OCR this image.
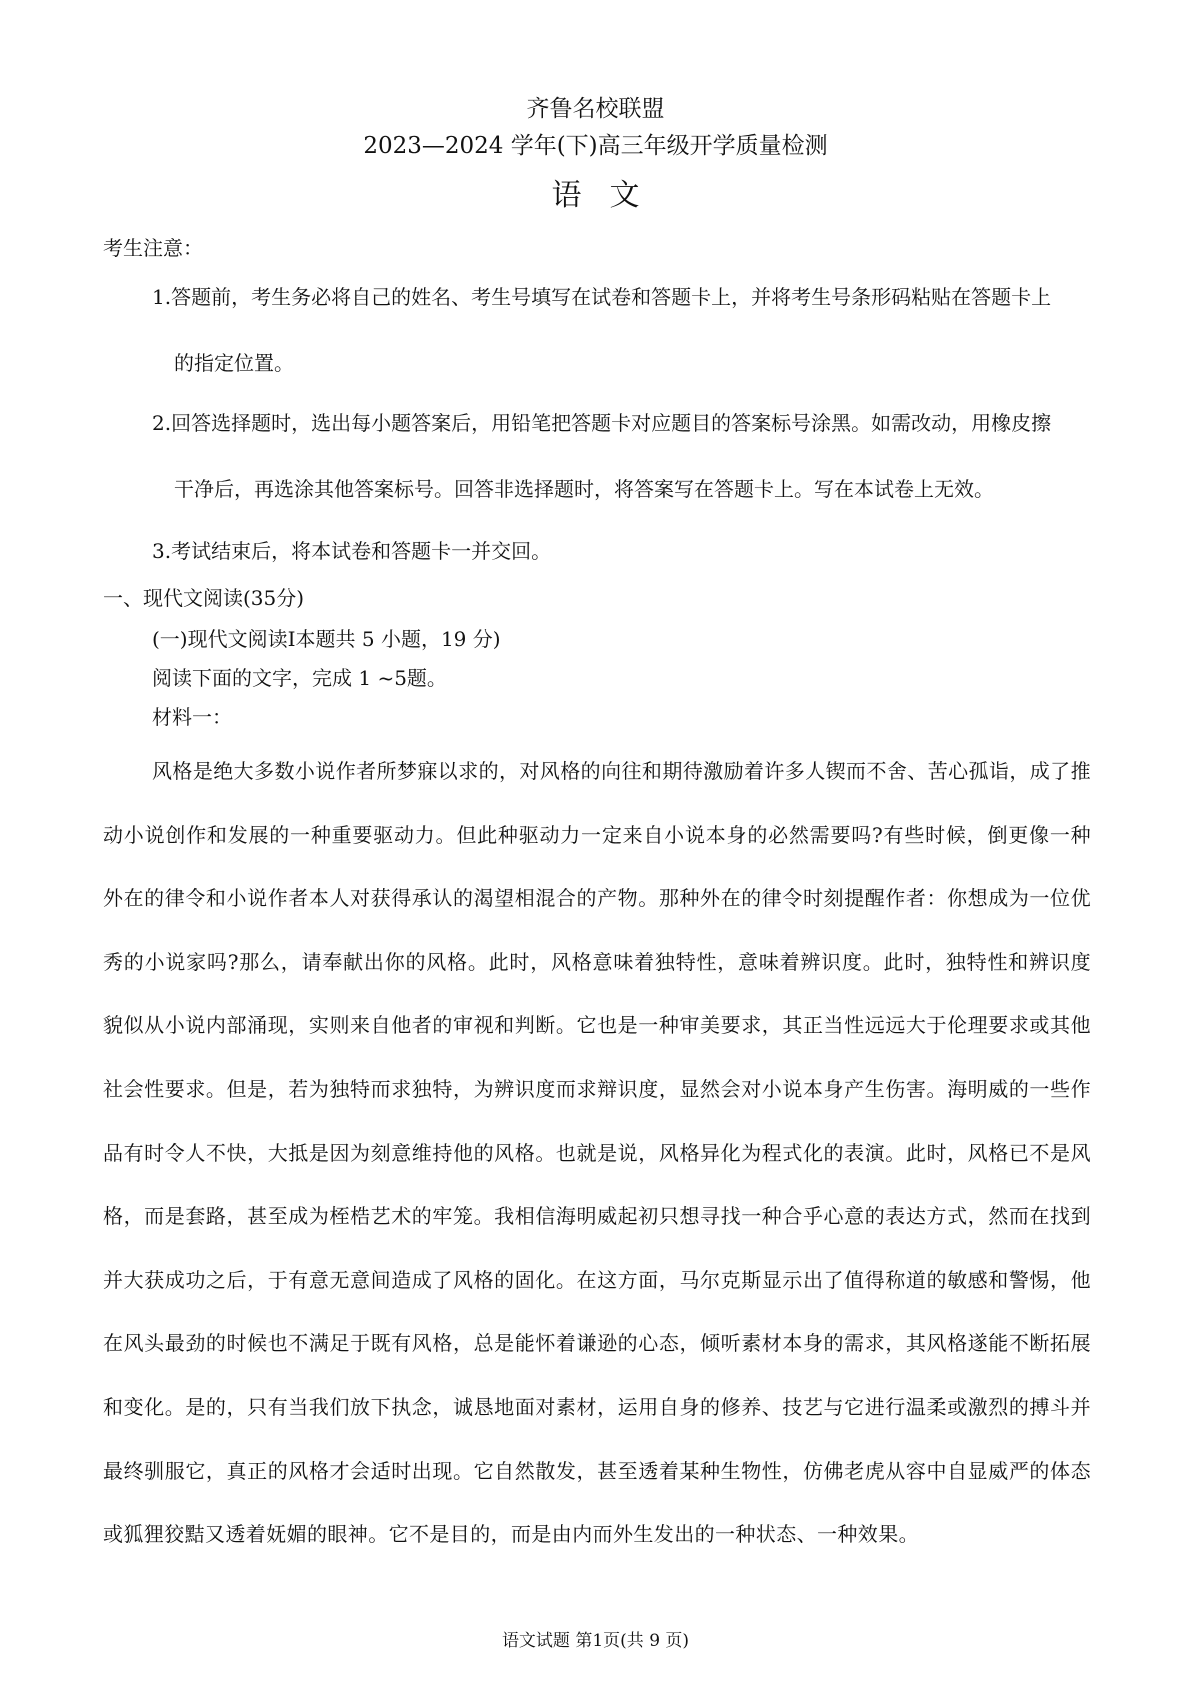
齐鲁名校联盟
2023—2024 学年(下)高三年级开学质量检测
语文
考生注意：
1.答题前，考生务必将自己的姓名、考生号填写在试卷和答题卡上，并将考生号条形码粘贴在答题卡上
的指定位置。
2.回答选择题时，选出每小题答案后，用铅笔把答题卡对应题目的答案标号涂黑。如需改动，用橡皮擦
干净后，再选涂其他答案标号。回答非选择题时，将答案写在答题卡上。写在本试卷上无效。
3.考试结束后，将本试卷和答题卡一并交回。
一、现代文阅读(35分)
(一)现代文阅读Ⅰ本题共 5 小题，19 分)
阅读下面的文字，完成 1 ~5题。
材料一：
风格是绝大多数小说作者所梦寐以求的，对风格的向往和期待激励着许多人锲而不舍、苦心孤诣，成了推动小说创作和发展的一种重要驱动力。但此种驱动力一定来自小说本身的必然需要吗?有些时候，倒更像一种外在的律令和小说作者本人对获得承认的渴望相混合的产物。那种外在的律令时刻提醒作者：你想成为一位优秀的小说家吗?那么，请奉献出你的风格。此时，风格意味着独特性，意味着辨识度。此时，独特性和辨识度貌似从小说内部涌现，实则来自他者的审视和判断。它也是一种审美要求，其正当性远远大于伦理要求或其他社会性要求。但是，若为独特而求独特，为辨识度而求辩识度，显然会对小说本身产生伤害。海明威的一些作品有时令人不快，大抵是因为刻意维持他的风格。也就是说，风格异化为程式化的表演。此时，风格已不是风格，而是套路，甚至成为桎梏艺术的牢笼。我相信海明威起初只想寻找一种合乎心意的表达方式，然而在找到并大获成功之后，于有意无意间造成了风格的固化。在这方面，马尔克斯显示出了值得称道的敏感和警惕，他在风头最劲的时候也不满足于既有风格，总是能怀着谦逊的心态，倾听素材本身的需求，其风格遂能不断拓展和变化。是的，只有当我们放下执念，诚恳地面对素材，运用自身的修养、技艺与它进行温柔或激烈的搏斗并最终驯服它，真正的风格才会适时出现。它自然散发，甚至透着某种生物性，仿佛老虎从容中自显威严的体态或狐狸狡黠又透着妩媚的眼神。它不是目的，而是由内而外生发出的一种状态、一种效果。
语文试题 第1页(共 9 页)
